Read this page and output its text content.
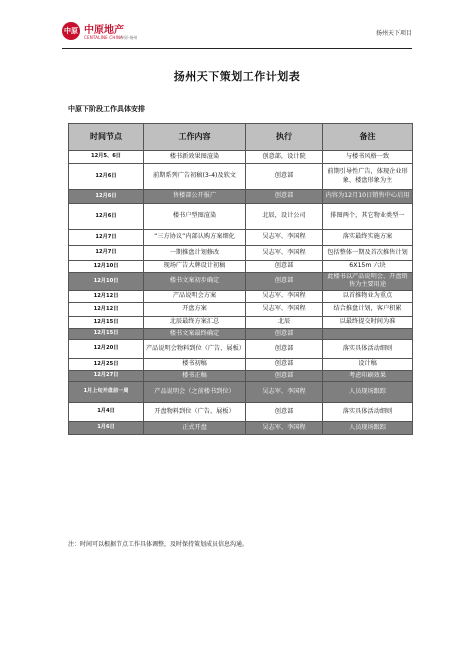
中原 中原地产
CENTALINE CHINA
中原·扬州
扬州天下项目
扬州天下策划工作计划表
中原下阶段工作具体安排
时间节点	工作内容	执行	备注
12月5、6日	楼书新效果图渲染	创意部，设计院	与楼书风格一致
12月6日	前期系列广告初稿(3-4)及软文	创意部	前期引导性广告，体现企业形象、楼盘形象为主
12月6日	售楼部公开报广	创意部	内容为12月10日销售中心启用
12月6日	楼书户型图渲染	北辰，设计公司	排图两个，其它物业类型一
12月7日	“三方协议”内部认购方案细化	吴志军、李国程	落实最终实施方案
12月7日	一期推盘计划修改	吴志军、李国程	包括整体一期及首次推售计划
12月10日	现场广告大牌设计初稿	创意部	6X15m 六块
12月10日	楼书文案初步确定	创意部	此楼书以产品说明会、开盘销售为主要用途
12月12日	产品说明会方案	吴志军、李国程	以首推物业为重点
12月12日	开盘方案	吴志军、李国程	结合推盘计划，客户积累
12月15日	北辰最终方案汇总	北辰	以最终提交时间为准
12月15日	楼书文案最终确定	创意部	
12月20日	产品说明会物料到位（广告、展板）	创意部	落实具体活动细则
12月25日	楼书初稿	创意部	设计稿
12月27日	楼书正稿	创意部	考虑印刷效果
1月上旬开盘前一周	产品说明会（之前楼书到位）	吴志军、李国程	人员现场跟踪
1月4日	开盘物料到位（广告、展板）	创意部	落实具体活动细则
1月6日	正式开盘	吴志军、李国程	人员现场跟踪
注：时间可以根据节点工作具体调整，及时保持策划成员信息沟通。
